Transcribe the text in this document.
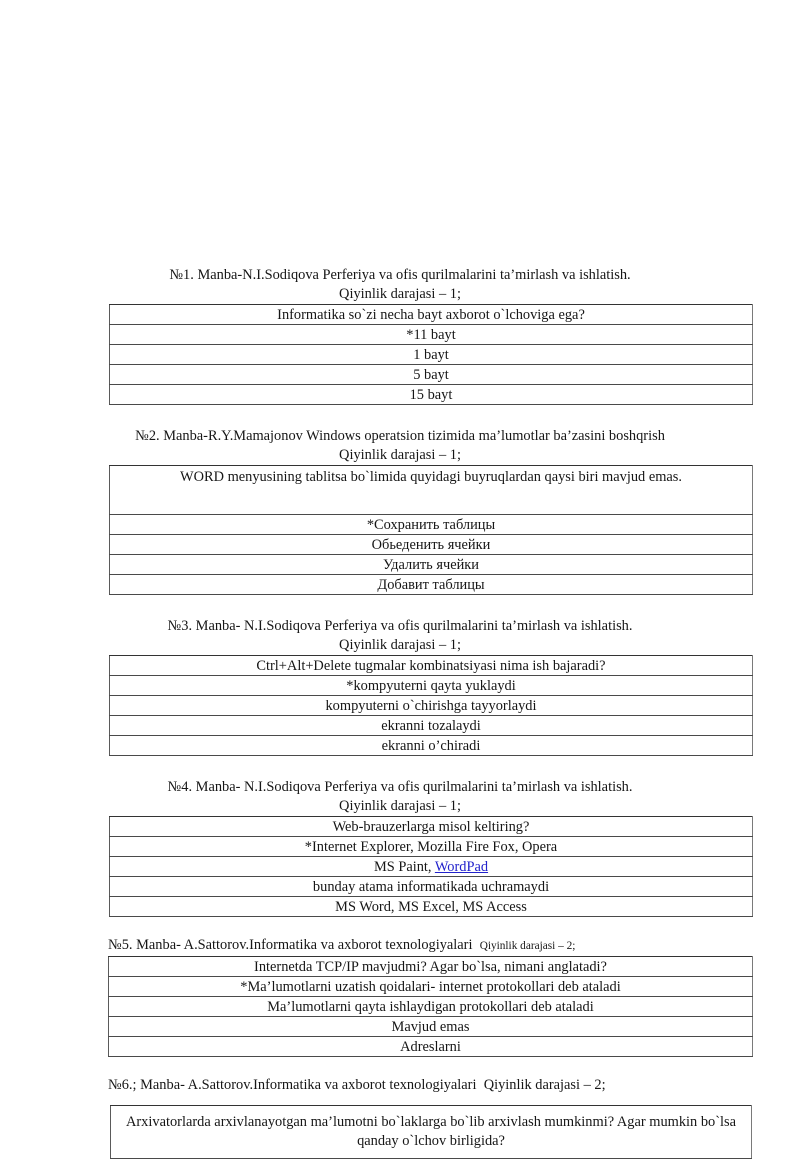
№1. Manba-N.I.Sodiqova Perferiya va ofis qurilmalarini ta’mirlash va ishlatish.
Qiyinlik darajasi – 1;
Informatika so`zi necha bayt axborot o`lchoviga ega?
*11 bayt
1 bayt
5 bayt
15 bayt
№2. Manba-R.Y.Mamajonov Windows operatsion tizimida ma’lumotlar ba’zasini boshqrish
Qiyinlik darajasi – 1;
WORD menyusining tablitsa bo`limida quyidagi buyruqlardan qaysi biri mavjud emas.
*Сохранить таблицы
Обьеденить ячейки
Удалить ячейки
Добавит таблицы
№3. Manba- N.I.Sodiqova Perferiya va ofis qurilmalarini ta’mirlash va ishlatish.
Qiyinlik darajasi – 1;
Ctrl+Alt+Delete tugmalar kombinatsiyasi nima ish bajaradi?
*kompyuterni qayta yuklaydi
kompyuterni o`chirishga tayyorlaydi
ekranni tozalaydi
ekranni o’chiradi
№4. Manba- N.I.Sodiqova Perferiya va ofis qurilmalarini ta’mirlash va ishlatish.
Qiyinlik darajasi – 1;
Web-brauzerlarga misol keltiring?
*Internet Explorer, Mozilla Fire Fox, Opera
MS Paint, WordPad
bunday atama informatikada uchramaydi
MS Word, MS Excel, MS Access
№5. Manba- A.Sattorov.Informatika va axborot texnologiyalari Qiyinlik darajasi – 2;
Internetda TCP/IP mavjudmi? Agar bo`lsa, nimani anglatadi?
*Ma’lumotlarni uzatish qoidalari- internet protokollari deb ataladi
Ma’lumotlarni qayta ishlaydigan protokollari deb ataladi
Mavjud emas
Adreslarni
№6.; Manba- A.Sattorov.Informatika va axborot texnologiyalari Qiyinlik darajasi – 2;
Arxivatorlarda arxivlanayotgan ma’lumotni bo`laklarga bo`lib arxivlash mumkinmi? Agar mumkin bo`lsa qanday o`lchov birligida?
